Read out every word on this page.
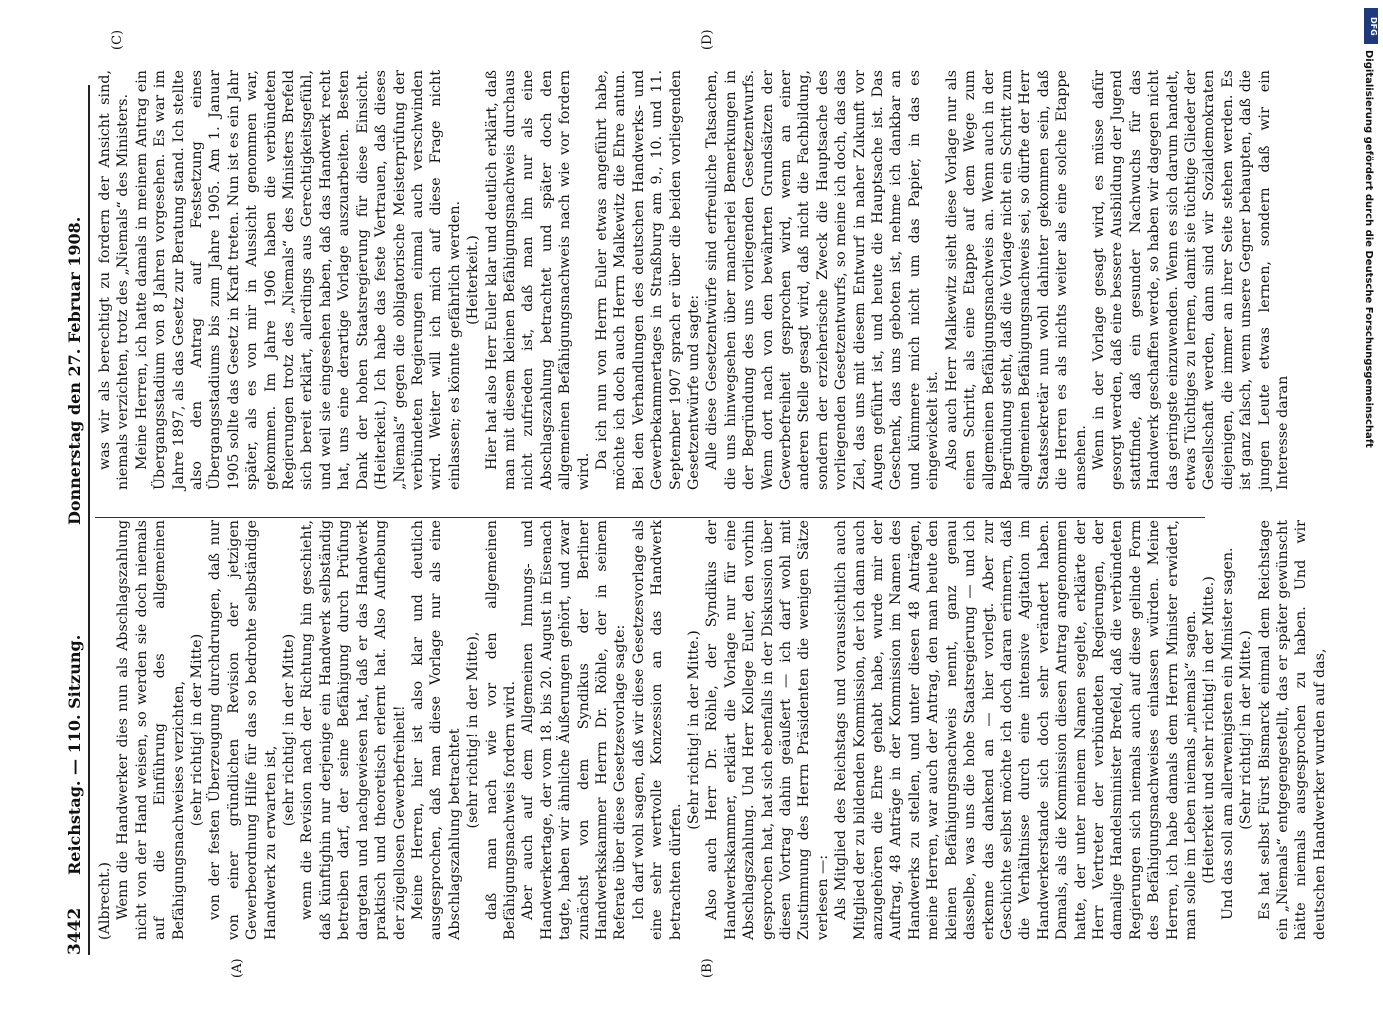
3442
Reichstag. — 110. Sitzung.
Donnerstag den 27. Februar 1908.
(A)	(B)
(C)	(D)

(Albrecht.) Wenn die Handwerker dies nun als Abschlagszahlung nicht von der Hand weisen, so werden sie doch niemals auf die Einführung des allgemeinen Befähigungsnachweises verzichten, (sehr richtig! in der Mitte) von der festen Überzeugung durchdrungen, daß nur von einer gründlichen Revision der jetzigen Gewerbeordnung Hilfe für das so bedrohte selbständige Handwerk zu erwarten ist,

(sehr richtig! in der Mitte) wenn die Revision nach der Richtung hin geschieht, daß künftighin nur derjenige ein Handwerk selbständig betreiben darf, der seine Befähigung durch Prüfung dargetan und nachgewiesen hat, daß er das Handwerk praktisch und theoretisch erlernt hat. Also Aufhebung der zügellosen Gewerbefreiheit! Meine Herren, hier ist also klar und deutlich ausgesprochen, daß man diese Vorlage nur als eine Abschlagszahlung betrachtet (sehr richtig! in der Mitte), daß man nach wie vor den allgemeinen Befähigungsnachweis fordern wird. Aber auch auf dem Allgemeinen Innungs- und Handwerkertage, der vom 18. bis 20. August in Eisenach tagte, haben wir ähnliche Äußerungen gehört, und zwar zunächst von dem Syndikus der Berliner Handwerkskammer Herrn Dr. Röhle, der in seinem Referate über diese Gesetzesvorlage sagte: Ich darf wohl sagen, daß wir diese Gesetzesvorlage als eine sehr wertvolle Konzession an das Handwerk betrachten dürfen.

(Sehr richtig! in der Mitte.) Also auch Herr Dr. Röhle, der Syndikus der Handwerkskammer, erklärt die Vorlage nur für eine Abschlagszahlung. Und Herr Kollege Euler, den vorhin gesprochen hat, hat sich ebenfalls in der Diskussion über diesen Vortrag dahin geäußert — ich darf wohl mit Zustimmung des Herrn Präsidenten die wenigen Sätze verlesen —: Als Mitglied des Reichstags und voraussichtlich auch Mitglied der zu bildenden Kommission, der ich dann auch anzugehören die Ehre gehabt habe, wurde mir der Auftrag, 48 Anträge in der Kommission im Namen des Handwerks zu stellen, und unter diesen 48 Anträgen, meine Herren, war auch der Antrag, den man heute den kleinen Befähigungsnachweis nennt, ganz genau dasselbe, was uns die hohe Staatsregierung — und ich erkenne das dankend an — hier vorlegt. Aber zur Geschichte selbst möchte ich doch daran erinnern, daß die Verhältnisse durch eine intensive Agitation im Handwerkerstande sich doch sehr verändert haben. Damals, als die Kommission diesen Antrag angenommen hatte, der unter meinem Namen segelte, erklärte der Herr Vertreter der verbündeten Regierungen, der damalige Handelsminister Brefeld, daß die verbündeten Regierungen sich niemals auch auf diese gelinde Form des Befähigungsnachweises einlassen würden. Meine Herren, ich habe damals dem Herrn Minister erwidert, man solle im Leben niemals „niemals“ sagen. (Heiterkeit und sehr richtig! in der Mitte.) Und das soll am allerwenigsten ein Minister sagen. (Sehr richtig! in der Mitte.) Es hat selbst Fürst Bismarck einmal dem Reichstage ein „Niemals“ entgegengestellt, das er später gewünscht hätte niemals ausgesprochen zu haben. Und wir deutschen Handwerker wurden auf das,

was wir als berechtigt zu fordern der Ansicht sind, niemals verzichten, trotz des „Niemals“ des Ministers. Meine Herren, ich hatte damals in meinem Antrag ein Übergangsstadium von 8 Jahren vorgesehen. Es war im Jahre 1897, als das Gesetz zur Beratung stand. Ich stellte also den Antrag auf Festsetzung eines Übergangsstadiums bis zum Jahre 1905. Am 1. Januar 1905 sollte das Gesetz in Kraft treten. Nun ist es ein Jahr später, als es von mir in Aussicht genommen war, gekommen. Im Jahre 1906 haben die verbündeten Regierungen trotz des „Niemals“ des Ministers Brefeld sich bereit erklärt, allerdings aus Gerechtigkeitsgefühl, und weil sie eingesehen haben, daß das Handwerk recht hat, uns eine derartige Vorlage auszuarbeiten. Besten Dank der hohen Staatsregierung für diese Einsicht. (Heiterkeit.) Ich habe das feste Vertrauen, daß dieses „Niemals“ gegen die obligatorische Meisterprüfung der verbündeten Regierungen einmal auch verschwinden wird. Weiter will ich mich auf diese Frage nicht einlassen; es könnte gefährlich werden. (Heiterkeit.) Hier hat also Herr Euler klar und deutlich erklärt, daß man mit diesem kleinen Befähigungsnachweis durchaus nicht zufrieden ist, daß man ihn nur als eine Abschlagszahlung betrachtet und später doch den allgemeinen Befähigungsnachweis nach wie vor fordern wird.

Da ich nun von Herrn Euler etwas angeführt habe, möchte ich doch auch Herrn Malkewitz die Ehre antun. Bei den Verhandlungen des deutschen Handwerks- und Gewerbekammertages in Straßburg am 9., 10. und 11. September 1907 sprach er über die beiden vorliegenden Gesetzentwürfe und sagte: Alle diese Gesetzentwürfe sind erfreuliche Tatsachen, die uns hinwegsehen über mancherlei Bemerkungen in der Begründung des uns vorliegenden Gesetzentwurfs. Wenn dort nach von den bewährten Grundsätzen der Gewerbefreiheit gesprochen wird, wenn an einer anderen Stelle gesagt wird, daß nicht die Fachbildung, sondern der erzieherische Zweck die Hauptsache des vorliegenden Gesetzentwurfs, so meine ich doch, das das Ziel, das uns mit diesem Entwurf in naher Zukunft vor Augen geführt ist, und heute die Hauptsache ist. Das Geschenk, das uns geboten ist, nehme ich dankbar an und kümmere mich nicht um das Papier, in das es eingewickelt ist. Also auch Herr Malkewitz sieht diese Vorlage nur als einen Schritt, als eine Etappe auf dem Wege zum allgemeinen Befähigungsnachweis an. Wenn auch in der Begründung steht, daß die Vorlage nicht ein Schritt zum allgemeinen Befähigungsnachweis sei, so dürfte der Herr Staatssekretär nun wohl dahinter gekommen sein, daß die Herren es als nichts weiter als eine solche Etappe ansehen. Wenn in der Vorlage gesagt wird, es müsse dafür gesorgt werden, daß eine bessere Ausbildung der Jugend stattfinde, daß ein gesunder Nachwuchs für das Handwerk geschaffen werde, so haben wir dagegen nicht das geringste einzuwenden. Wenn es sich darum handelt, etwas Tüchtiges zu lernen, damit sie tüchtige Glieder der Gesellschaft werden, dann sind wir Sozialdemokraten diejenigen, die immer an ihrer Seite stehen werden. Es ist ganz falsch, wenn unsere Gegner behaupten, daß die jungen Leute etwas lernen, sondern daß wir ein Interesse daran

DFG
Digitalisierung gefördert durch die Deutsche Forschungsgemeinschaft
